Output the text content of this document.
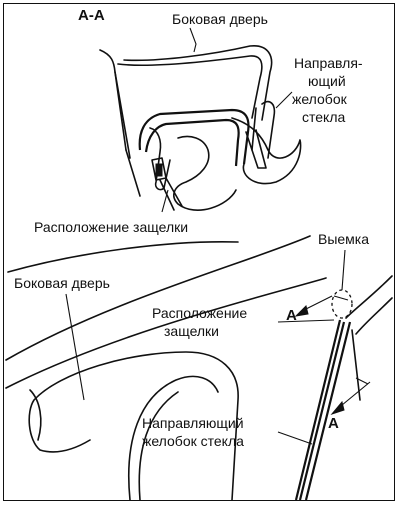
A-A	Боковая дверь
Направля-
ющий
желобок
стекла
Расположение защелки
Выемка
Боковая дверь
Расположение
защелки
Направляющий
желобок стекла
A
A
